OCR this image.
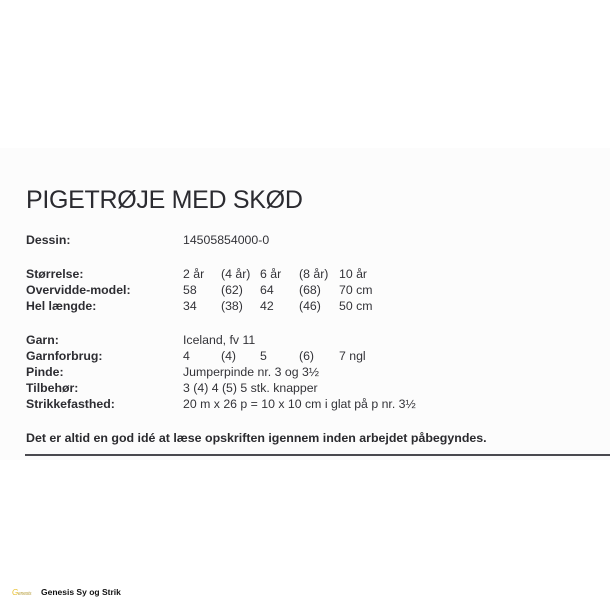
PIGETRØJE MED SKØD
Dessin:	14505854000-0
Størrelse:	2 år (4 år) 6 år (8 år) 10 år
Overvidde-model:	58 (62) 64 (68) 70 cm
Hel længde:	34 (38) 42 (46) 50 cm
Garn:	Iceland, fv 11
Garnforbrug:	4	(4) 5	(6) 7 ngl
Pinde:	Jumperpinde nr. 3 og 3½
Tilbehør:	3 (4) 4 (5) 5 stk. knapper
Strikkefasthed:	20 m x 26 p = 10 x 10 cm i glat på p nr. 3½
Det er altid en god idé at læse opskriften igennem inden arbejdet påbegyndes.
Genesis Genesis Sy og Strik
